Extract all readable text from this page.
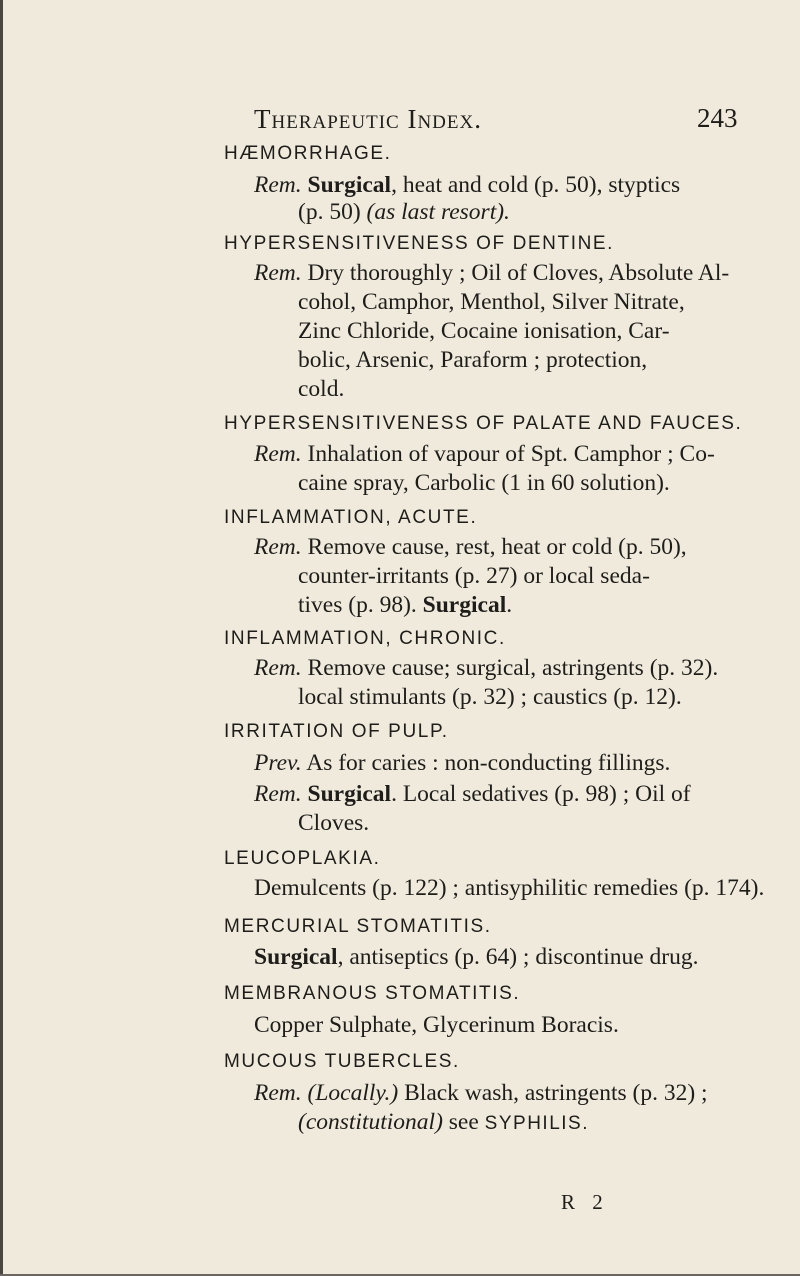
Therapeutic Index.	243
HÆMORRHAGE.
Rem. Surgical, heat and cold (p. 50), styptics
(p. 50) (as last resort).
HYPERSENSITIVENESS OF DENTINE.
Rem. Dry thoroughly ; Oil of Cloves, Absolute Al-
cohol, Camphor, Menthol, Silver Nitrate,
Zinc Chloride, Cocaine ionisation, Car-
bolic, Arsenic, Paraform ; protection,
cold.
HYPERSENSITIVENESS OF PALATE AND FAUCES.
Rem. Inhalation of vapour of Spt. Camphor ; Co-
caine spray, Carbolic (1 in 60 solution).
INFLAMMATION, ACUTE.
Rem. Remove cause, rest, heat or cold (p. 50),
counter-irritants (p. 27) or local seda-
tives (p. 98). Surgical.
INFLAMMATION, CHRONIC.
Rem. Remove cause; surgical, astringents (p. 32).
local stimulants (p. 32) ; caustics (p. 12).
IRRITATION OF PULP.
Prev. As for caries : non-conducting fillings.
Rem. Surgical. Local sedatives (p. 98) ; Oil of
Cloves.
LEUCOPLAKIA.
Demulcents (p. 122) ; antisyphilitic remedies (p. 174).
MERCURIAL STOMATITIS.
Surgical, antiseptics (p. 64) ; discontinue drug.
MEMBRANOUS STOMATITIS.
Copper Sulphate, Glycerinum Boracis.
MUCOUS TUBERCLES.
Rem. (Locally.) Black wash, astringents (p. 32) ;
(constitutional) see SYPHILIS.
R 2
